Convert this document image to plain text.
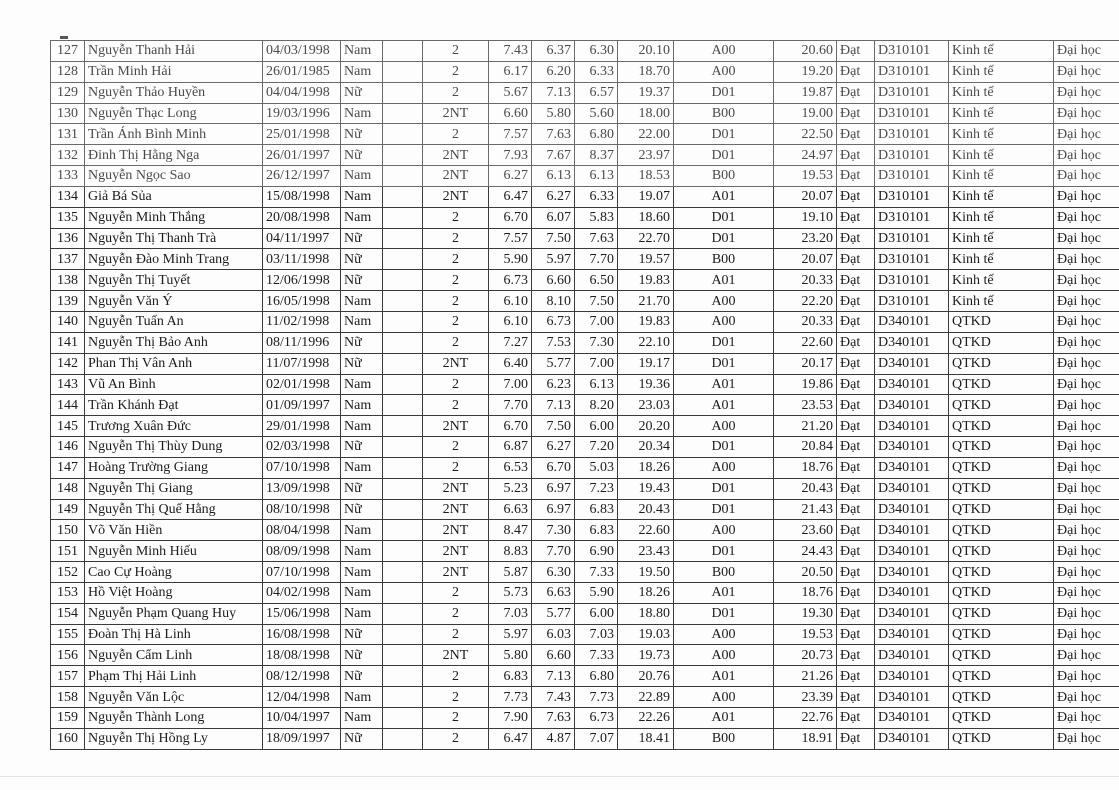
127	Nguyễn Thanh Hải	04/03/1998	Nam		2	7.43	6.37	6.30	20.10	A00	20.60	Đạt	D310101	Kinh tế	Đại học
128	Trần Minh Hải	26/01/1985	Nam		2	6.17	6.20	6.33	18.70	A00	19.20	Đạt	D310101	Kinh tế	Đại học
129	Nguyễn Thảo Huyền	04/04/1998	Nữ		2	5.67	7.13	6.57	19.37	D01	19.87	Đạt	D310101	Kinh tế	Đại học
130	Nguyễn Thạc Long	19/03/1996	Nam		2NT	6.60	5.80	5.60	18.00	B00	19.00	Đạt	D310101	Kinh tế	Đại học
131	Trần Ánh Bình Minh	25/01/1998	Nữ		2	7.57	7.63	6.80	22.00	D01	22.50	Đạt	D310101	Kinh tế	Đại học
132	Đinh Thị Hằng Nga	26/01/1997	Nữ		2NT	7.93	7.67	8.37	23.97	D01	24.97	Đạt	D310101	Kinh tế	Đại học
133	Nguyễn Ngọc Sao	26/12/1997	Nam		2NT	6.27	6.13	6.13	18.53	B00	19.53	Đạt	D310101	Kinh tế	Đại học
134	Giả Bá Sủa	15/08/1998	Nam		2NT	6.47	6.27	6.33	19.07	A01	20.07	Đạt	D310101	Kinh tế	Đại học
135	Nguyễn Minh Thắng	20/08/1998	Nam		2	6.70	6.07	5.83	18.60	D01	19.10	Đạt	D310101	Kinh tế	Đại học
136	Nguyễn Thị Thanh Trà	04/11/1997	Nữ		2	7.57	7.50	7.63	22.70	D01	23.20	Đạt	D310101	Kinh tế	Đại học
137	Nguyễn Đào Minh Trang	03/11/1998	Nữ		2	5.90	5.97	7.70	19.57	B00	20.07	Đạt	D310101	Kinh tế	Đại học
138	Nguyễn Thị Tuyết	12/06/1998	Nữ		2	6.73	6.60	6.50	19.83	A01	20.33	Đạt	D310101	Kinh tế	Đại học
139	Nguyễn Văn Ý	16/05/1998	Nam		2	6.10	8.10	7.50	21.70	A00	22.20	Đạt	D310101	Kinh tế	Đại học
140	Nguyễn Tuấn An	11/02/1998	Nam		2	6.10	6.73	7.00	19.83	A00	20.33	Đạt	D340101	QTKD	Đại học
141	Nguyễn Thị Bảo Anh	08/11/1996	Nữ		2	7.27	7.53	7.30	22.10	D01	22.60	Đạt	D340101	QTKD	Đại học
142	Phan Thị Vân Anh	11/07/1998	Nữ		2NT	6.40	5.77	7.00	19.17	D01	20.17	Đạt	D340101	QTKD	Đại học
143	Vũ An Bình	02/01/1998	Nam		2	7.00	6.23	6.13	19.36	A01	19.86	Đạt	D340101	QTKD	Đại học
144	Trần Khánh Đạt	01/09/1997	Nam		2	7.70	7.13	8.20	23.03	A01	23.53	Đạt	D340101	QTKD	Đại học
145	Trương Xuân Đức	29/01/1998	Nam		2NT	6.70	7.50	6.00	20.20	A00	21.20	Đạt	D340101	QTKD	Đại học
146	Nguyễn Thị Thùy Dung	02/03/1998	Nữ		2	6.87	6.27	7.20	20.34	D01	20.84	Đạt	D340101	QTKD	Đại học
147	Hoàng Trường Giang	07/10/1998	Nam		2	6.53	6.70	5.03	18.26	A00	18.76	Đạt	D340101	QTKD	Đại học
148	Nguyễn Thị Giang	13/09/1998	Nữ		2NT	5.23	6.97	7.23	19.43	D01	20.43	Đạt	D340101	QTKD	Đại học
149	Nguyễn Thị Quế Hằng	08/10/1998	Nữ		2NT	6.63	6.97	6.83	20.43	D01	21.43	Đạt	D340101	QTKD	Đại học
150	Võ Văn Hiền	08/04/1998	Nam		2NT	8.47	7.30	6.83	22.60	A00	23.60	Đạt	D340101	QTKD	Đại học
151	Nguyễn Minh Hiếu	08/09/1998	Nam		2NT	8.83	7.70	6.90	23.43	D01	24.43	Đạt	D340101	QTKD	Đại học
152	Cao Cự Hoàng	07/10/1998	Nam		2NT	5.87	6.30	7.33	19.50	B00	20.50	Đạt	D340101	QTKD	Đại học
153	Hồ Việt Hoàng	04/02/1998	Nam		2	5.73	6.63	5.90	18.26	A01	18.76	Đạt	D340101	QTKD	Đại học
154	Nguyễn Phạm Quang Huy	15/06/1998	Nam		2	7.03	5.77	6.00	18.80	D01	19.30	Đạt	D340101	QTKD	Đại học
155	Đoàn Thị Hà Linh	16/08/1998	Nữ		2	5.97	6.03	7.03	19.03	A00	19.53	Đạt	D340101	QTKD	Đại học
156	Nguyễn Cẩm Linh	18/08/1998	Nữ		2NT	5.80	6.60	7.33	19.73	A00	20.73	Đạt	D340101	QTKD	Đại học
157	Phạm Thị Hải Linh	08/12/1998	Nữ		2	6.83	7.13	6.80	20.76	A01	21.26	Đạt	D340101	QTKD	Đại học
158	Nguyễn Văn Lộc	12/04/1998	Nam		2	7.73	7.43	7.73	22.89	A00	23.39	Đạt	D340101	QTKD	Đại học
159	Nguyễn Thành Long	10/04/1997	Nam		2	7.90	7.63	6.73	22.26	A01	22.76	Đạt	D340101	QTKD	Đại học
160	Nguyễn Thị Hồng Ly	18/09/1997	Nữ		2	6.47	4.87	7.07	18.41	B00	18.91	Đạt	D340101	QTKD	Đại học
